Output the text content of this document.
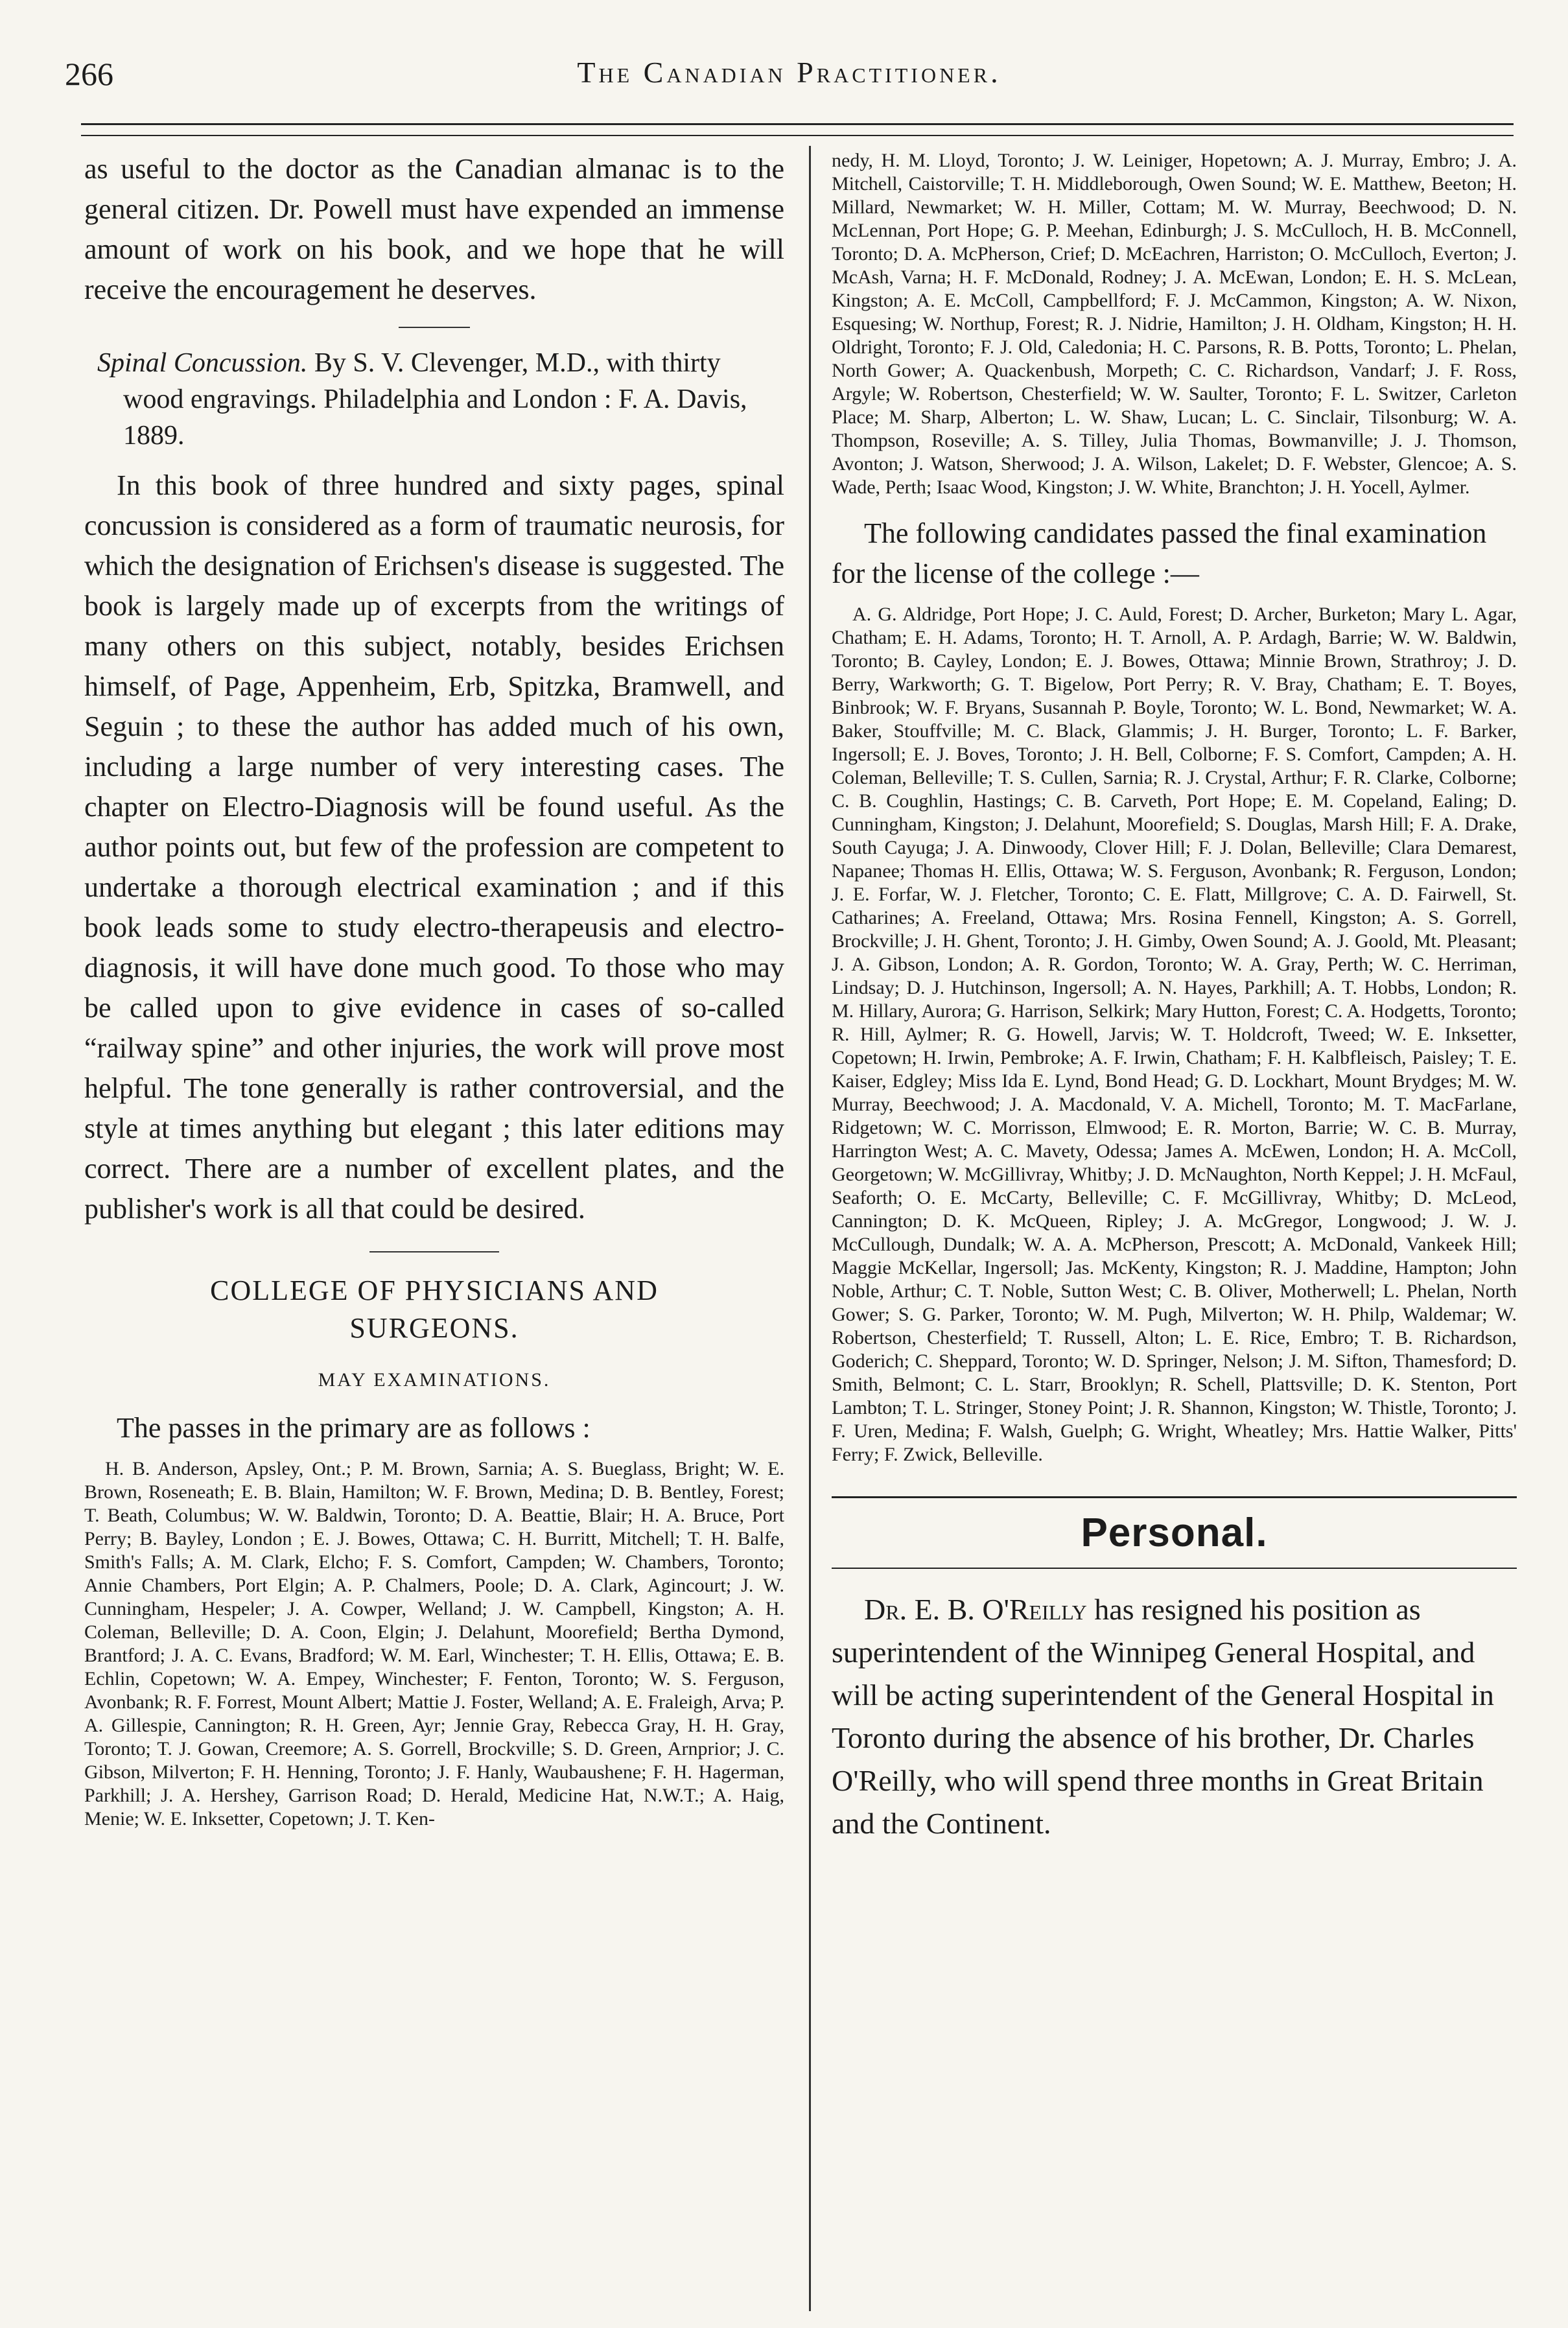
266	The Canadian Practitioner.

as useful to the doctor as the Canadian almanac is to the general citizen. Dr. Powell must have expended an immense amount of work on his book, and we hope that he will receive the encouragement he deserves.

Spinal Concussion. By S. V. Clevenger, M.D., with thirty wood engravings. Philadelphia and London : F. A. Davis, 1889.

In this book of three hundred and sixty pages, spinal concussion is considered as a form of traumatic neurosis, for which the designation of Erichsen's disease is suggested. The book is largely made up of excerpts from the writings of many others on this subject, notably, besides Erichsen himself, of Page, Appenheim, Erb, Spitzka, Bramwell, and Seguin ; to these the author has added much of his own, including a large number of very interesting cases. The chapter on Electro-Diagnosis will be found useful. As the author points out, but few of the profession are competent to undertake a thorough electrical examination ; and if this book leads some to study electro-therapeusis and electro-diagnosis, it will have done much good. To those who may be called upon to give evidence in cases of so-called “railway spine” and other injuries, the work will prove most helpful. The tone generally is rather controversial, and the style at times anything but elegant ; this later editions may correct. There are a number of excellent plates, and the publisher's work is all that could be desired.

COLLEGE OF PHYSICIANS AND
SURGEONS.
MAY EXAMINATIONS.

The passes in the primary are as follows :

H. B. Anderson, Apsley, Ont.; P. M. Brown, Sarnia; A. S. Bueglass, Bright; W. E. Brown, Roseneath; E. B. Blain, Hamilton; W. F. Brown, Medina; D. B. Bentley, Forest; T. Beath, Columbus; W. W. Baldwin, Toronto; D. A. Beattie, Blair; H. A. Bruce, Port Perry; B. Bayley, London ; E. J. Bowes, Ottawa; C. H. Burritt, Mitchell; T. H. Balfe, Smith's Falls; A. M. Clark, Elcho; F. S. Comfort, Campden; W. Chambers, Toronto; Annie Chambers, Port Elgin; A. P. Chalmers, Poole; D. A. Clark, Agincourt; J. W. Cunningham, Hespeler; J. A. Cowper, Welland; J. W. Campbell, Kingston; A. H. Coleman, Belleville; D. A. Coon, Elgin; J. Delahunt, Moorefield; Bertha Dymond, Brantford; J. A. C. Evans, Bradford; W. M. Earl, Winchester; T. H. Ellis, Ottawa; E. B. Echlin, Copetown; W. A. Empey, Winchester; F. Fenton, Toronto; W. S. Ferguson, Avonbank; R. F. Forrest, Mount Albert; Mattie J. Foster, Welland; A. E. Fraleigh, Arva; P. A. Gillespie, Cannington; R. H. Green, Ayr; Jennie Gray, Rebecca Gray, H. H. Gray, Toronto; T. J. Gowan, Creemore; A. S. Gorrell, Brockville; S. D. Green, Arnprior; J. C. Gibson, Milverton; F. H. Henning, Toronto; J. F. Hanly, Waubaushene; F. H. Hagerman, Parkhill; J. A. Hershey, Garrison Road; D. Herald, Medicine Hat, N.W.T.; A. Haig, Menie; W. E. Inksetter, Copetown; J. T. Ken-

nedy, H. M. Lloyd, Toronto; J. W. Leiniger, Hopetown; A. J. Murray, Embro; J. A. Mitchell, Caistorville; T. H. Middleborough, Owen Sound; W. E. Matthew, Beeton; H. Millard, Newmarket; W. H. Miller, Cottam; M. W. Murray, Beechwood; D. N. McLennan, Port Hope; G. P. Meehan, Edinburgh; J. S. McCulloch, H. B. McConnell, Toronto; D. A. McPherson, Crief; D. McEachren, Harriston; O. McCulloch, Everton; J. McAsh, Varna; H. F. McDonald, Rodney; J. A. McEwan, London; E. H. S. McLean, Kingston; A. E. McColl, Campbellford; F. J. McCammon, Kingston; A. W. Nixon, Esquesing; W. Northup, Forest; R. J. Nidrie, Hamilton; J. H. Oldham, Kingston; H. H. Oldright, Toronto; F. J. Old, Caledonia; H. C. Parsons, R. B. Potts, Toronto; L. Phelan, North Gower; A. Quackenbush, Morpeth; C. C. Richardson, Vandarf; J. F. Ross, Argyle; W. Robertson, Chesterfield; W. W. Saulter, Toronto; F. L. Switzer, Carleton Place; M. Sharp, Alberton; L. W. Shaw, Lucan; L. C. Sinclair, Tilsonburg; W. A. Thompson, Roseville; A. S. Tilley, Julia Thomas, Bowmanville; J. J. Thomson, Avonton; J. Watson, Sherwood; J. A. Wilson, Lakelet; D. F. Webster, Glencoe; A. S. Wade, Perth; Isaac Wood, Kingston; J. W. White, Branchton; J. H. Yocell, Aylmer.

The following candidates passed the final examination for the license of the college :—

A. G. Aldridge, Port Hope; J. C. Auld, Forest; D. Archer, Burketon; Mary L. Agar, Chatham; E. H. Adams, Toronto; H. T. Arnoll, A. P. Ardagh, Barrie; W. W. Baldwin, Toronto; B. Cayley, London; E. J. Bowes, Ottawa; Minnie Brown, Strathroy; J. D. Berry, Warkworth; G. T. Bigelow, Port Perry; R. V. Bray, Chatham; E. T. Boyes, Binbrook; W. F. Bryans, Susannah P. Boyle, Toronto; W. L. Bond, Newmarket; W. A. Baker, Stouffville; M. C. Black, Glammis; J. H. Burger, Toronto; L. F. Barker, Ingersoll; E. J. Boves, Toronto; J. H. Bell, Colborne; F. S. Comfort, Campden; A. H. Coleman, Belleville; T. S. Cullen, Sarnia; R. J. Crystal, Arthur; F. R. Clarke, Colborne; C. B. Coughlin, Hastings; C. B. Carveth, Port Hope; E. M. Copeland, Ealing; D. Cunningham, Kingston; J. Delahunt, Moorefield; S. Douglas, Marsh Hill; F. A. Drake, South Cayuga; J. A. Dinwoody, Clover Hill; F. J. Dolan, Belleville; Clara Demarest, Napanee; Thomas H. Ellis, Ottawa; W. S. Ferguson, Avonbank; R. Ferguson, London; J. E. Forfar, W. J. Fletcher, Toronto; C. E. Flatt, Millgrove; C. A. D. Fairwell, St. Catharines; A. Freeland, Ottawa; Mrs. Rosina Fennell, Kingston; A. S. Gorrell, Brockville; J. H. Ghent, Toronto; J. H. Gimby, Owen Sound; A. J. Goold, Mt. Pleasant; J. A. Gibson, London; A. R. Gordon, Toronto; W. A. Gray, Perth; W. C. Herriman, Lindsay; D. J. Hutchinson, Ingersoll; A. N. Hayes, Parkhill; A. T. Hobbs, London; R. M. Hillary, Aurora; G. Harrison, Selkirk; Mary Hutton, Forest; C. A. Hodgetts, Toronto; R. Hill, Aylmer; R. G. Howell, Jarvis; W. T. Holdcroft, Tweed; W. E. Inksetter, Copetown; H. Irwin, Pembroke; A. F. Irwin, Chatham; F. H. Kalbfleisch, Paisley; T. E. Kaiser, Edgley; Miss Ida E. Lynd, Bond Head; G. D. Lockhart, Mount Brydges; M. W. Murray, Beechwood; J. A. Macdonald, V. A. Michell, Toronto; M. T. MacFarlane, Ridgetown; W. C. Morrisson, Elmwood; E. R. Morton, Barrie; W. C. B. Murray, Harrington West; A. C. Mavety, Odessa; James A. McEwen, London; H. A. McColl, Georgetown; W. McGillivray, Whitby; J. D. McNaughton, North Keppel; J. H. McFaul, Seaforth; O. E. McCarty, Belleville; C. F. McGillivray, Whitby; D. McLeod, Cannington; D. K. McQueen, Ripley; J. A. McGregor, Longwood; J. W. J. McCullough, Dundalk; W. A. A. McPherson, Prescott; A. McDonald, Vankeek Hill; Maggie McKellar, Ingersoll; Jas. McKenty, Kingston; R. J. Maddine, Hampton; John Noble, Arthur; C. T. Noble, Sutton West; C. B. Oliver, Motherwell; L. Phelan, North Gower; S. G. Parker, Toronto; W. M. Pugh, Milverton; W. H. Philp, Waldemar; W. Robertson, Chesterfield; T. Russell, Alton; L. E. Rice, Embro; T. B. Richardson, Goderich; C. Sheppard, Toronto; W. D. Springer, Nelson; J. M. Sifton, Thamesford; D. Smith, Belmont; C. L. Starr, Brooklyn; R. Schell, Plattsville; D. K. Stenton, Port Lambton; T. L. Stringer, Stoney Point; J. R. Shannon, Kingston; W. Thistle, Toronto; J. F. Uren, Medina; F. Walsh, Guelph; G. Wright, Wheatley; Mrs. Hattie Walker, Pitts' Ferry; F. Zwick, Belleville.

Personal.

Dr. E. B. O'Reilly has resigned his position as superintendent of the Winnipeg General Hospital, and will be acting superintendent of the General Hospital in Toronto during the absence of his brother, Dr. Charles O'Reilly, who will spend three months in Great Britain and the Continent.
